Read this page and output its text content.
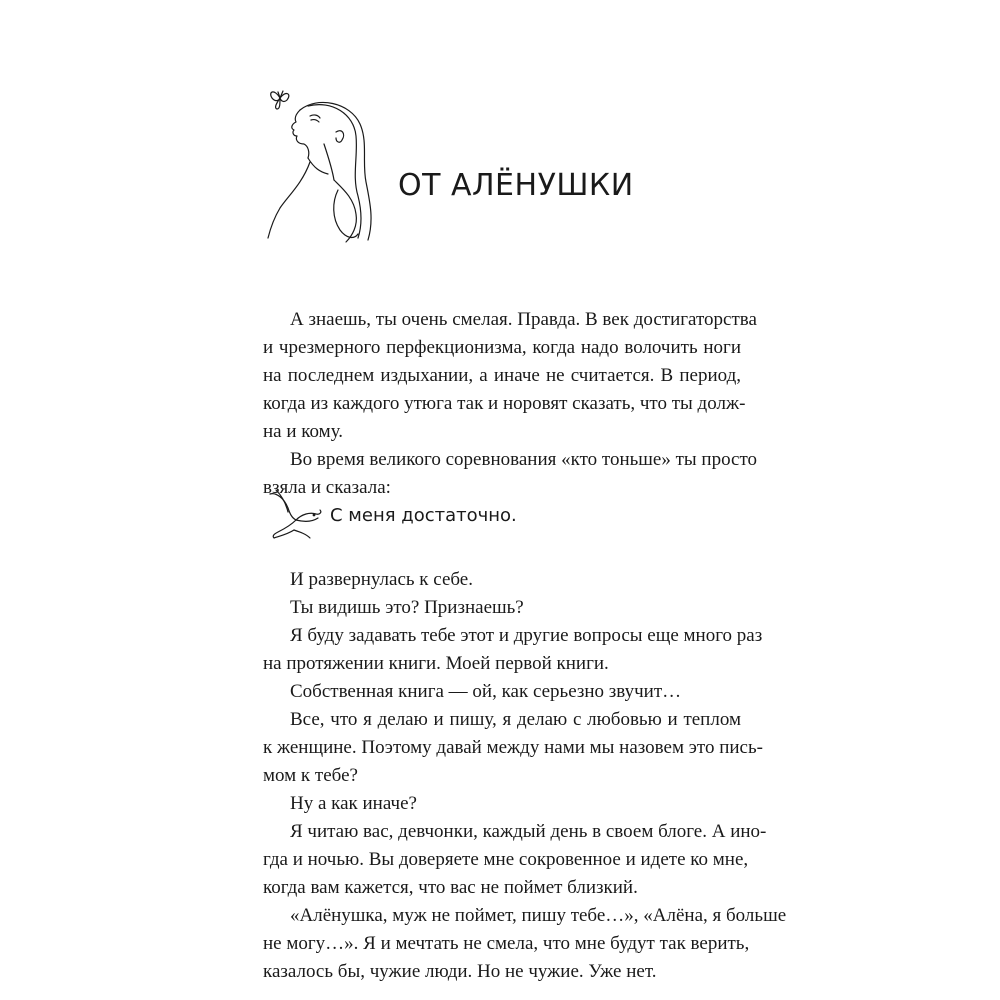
ОТ АЛЁНУШКИ
А знаешь, ты очень смелая. Правда. В век достигаторства
и чрезмерного перфекционизма, когда надо волочить ноги
на последнем издыхании, а иначе не считается. В период,
когда из каждого утюга так и норовят сказать, что ты долж-
на и кому.
Во время великого соревнования «кто тоньше» ты просто
взяла и сказала:

С меня достаточно.

И развернулась к себе.
Ты видишь это? Признаешь?
Я буду задавать тебе этот и другие вопросы еще много раз
на протяжении книги. Моей первой книги.
Собственная книга — ой, как серьезно звучит…
Все, что я делаю и пишу, я делаю с любовью и теплом
к женщине. Поэтому давай между нами мы назовем это пись-
мом к тебе?
Ну а как иначе?
Я читаю вас, девчонки, каждый день в своем блоге. А ино-
гда и ночью. Вы доверяете мне сокровенное и идете ко мне,
когда вам кажется, что вас не поймет близкий.
«Алёнушка, муж не поймет, пишу тебе…», «Алёна, я больше
не могу…». Я и мечтать не смела, что мне будут так верить,
казалось бы, чужие люди. Но не чужие. Уже нет.
